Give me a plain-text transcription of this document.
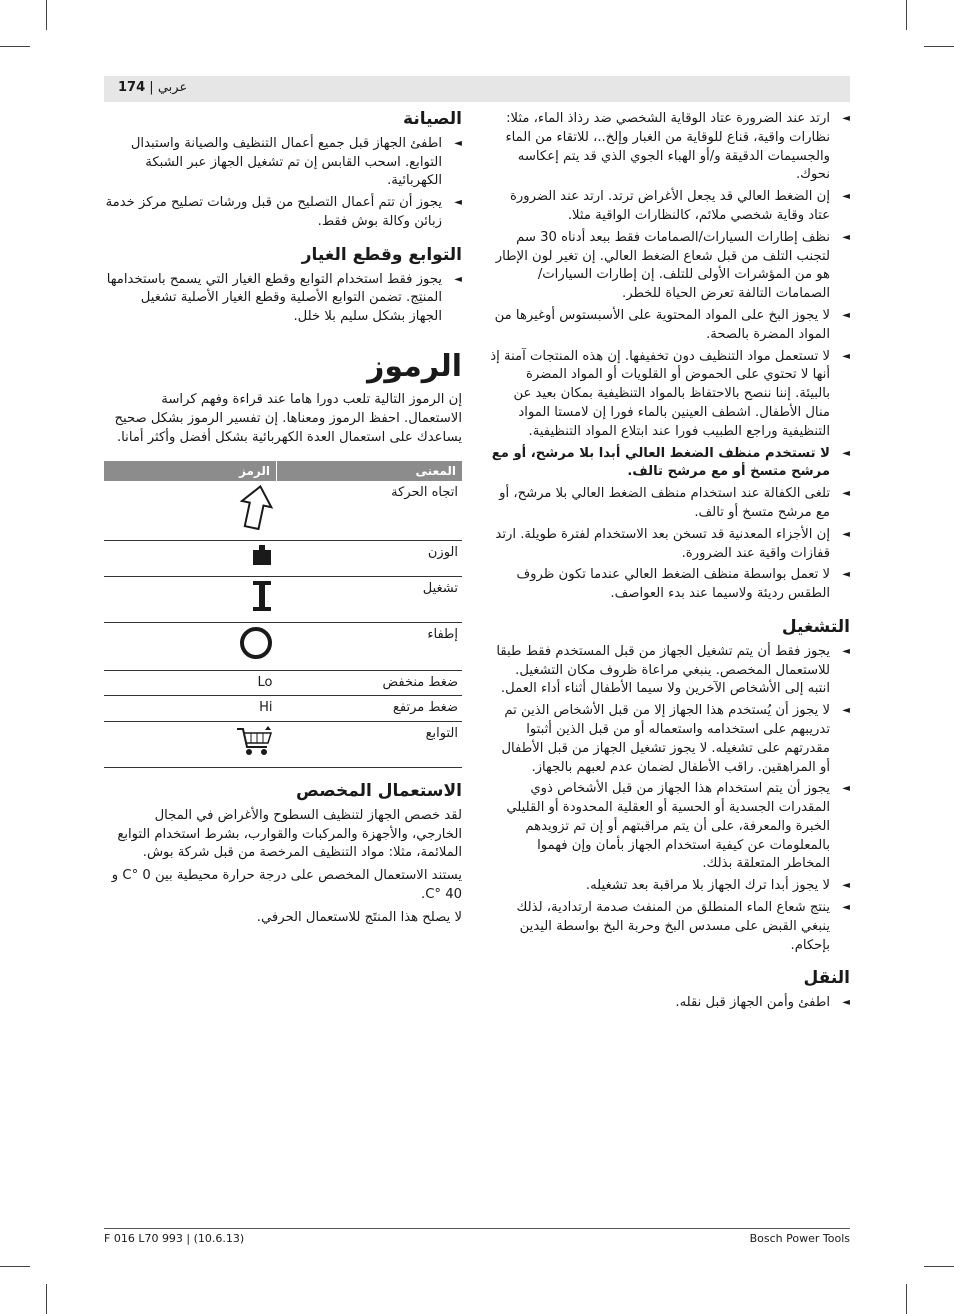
174 | عربي
◄
ارتد عند الضرورة عتاد الوقاية الشخصي ضد رذاذ الماء، مثلا: نظارات واقية، قناع للوقاية من الغبار وإلخ..، للاتقاء من الماء والجسيمات الدقيقة و/أو الهباء الجوي الذي قد يتم إعكاسه نحوك.
◄
إن الضغط العالي قد يجعل الأغراض ترتد. ارتد عند الضرورة عتاد وقاية شخصي ملائم، كالنظارات الواقية مثلا.
◄
نظف إطارات السيارات/الصمامات فقط ببعد أدناه 30 سم لتجنب التلف من قبل شعاع الضغط العالي. إن تغير لون الإطار هو من المؤشرات الأولى للتلف. إن إطارات السيارات/الصمامات التالفة تعرض الحياة للخطر.
◄
لا يجوز البخ على المواد المحتوية على الأسبستوس أوغيرها من المواد المضرة بالصحة.
◄
لا تستعمل مواد التنظيف دون تخفيفها. إن هذه المنتجات آمنة إذ أنها لا تحتوي على الحموض أو القلويات أو المواد المضرة بالبيئة. إننا ننصح بالاحتفاظ بالمواد التنظيفية بمكان بعيد عن منال الأطفال. اشطف العينين بالماء فورا إن لامستا المواد التنظيفية وراجع الطبيب فورا عند ابتلاع المواد التنظيفية.
◄
لا تستخدم منظف الضغط العالي أبدا بلا مرشح، أو مع مرشح متسخ أو مع مرشح تالف.
◄
تلغى الكفالة عند استخدام منظف الضغط العالي بلا مرشح، أو مع مرشح متسخ أو تالف.
◄
إن الأجزاء المعدنية قد تسخن بعد الاستخدام لفترة طويلة. ارتد قفازات واقية عند الضرورة.
◄
لا تعمل بواسطة منظف الضغط العالي عندما تكون ظروف الطقس رديئة ولاسيما عند بدء العواصف.
التشغيل
◄
يجوز فقط أن يتم تشغيل الجهاز من قبل المستخدم فقط طبقا للاستعمال المخصص. ينبغي مراعاة ظروف مكان التشغيل. انتبه إلى الأشخاص الآخرين ولا سيما الأطفال أثناء أداء العمل.
◄
لا يجوز أن يُستخدم هذا الجهاز إلا من قبل الأشخاص الذين تم تدريبهم على استخدامه واستعماله أو من قبل الذين أثبتوا مقدرتهم على تشغيله. لا يجوز تشغيل الجهاز من قبل الأطفال أو المراهقين. راقب الأطفال لضمان عدم لعبهم بالجهاز.
◄
يجوز أن يتم استخدام هذا الجهاز من قبل الأشخاص ذوي المقدرات الجسدية أو الحسية أو العقلية المحدودة أو القليلي الخبرة والمعرفة، على أن يتم مراقبتهم أو إن تم تزويدهم بالمعلومات عن كيفية استخدام الجهاز بأمان وإن فهموا المخاطر المتعلقة بذلك.
◄
لا يجوز أبدا ترك الجهاز بلا مراقبة بعد تشغيله.
◄
ينتج شعاع الماء المنطلق من المنفث صدمة ارتدادية، لذلك ينبغي القبض على مسدس البخ وحربة البخ بواسطة اليدين بإحكام.
النقل
◄
اطفئ وأمن الجهاز قبل نقله.
الصيانة
◄
اطفئ الجهاز قبل جميع أعمال التنظيف والصيانة واستبدال التوابع. اسحب القابس إن تم تشغيل الجهاز عبر الشبكة الكهربائية.
◄
يجوز أن تتم أعمال التصليح من قبل ورشات تصليح مركز خدمة زبائن وكالة بوش فقط.
التوابع وقطع الغيار
◄
يجوز فقط استخدام التوابع وقطع الغيار التي يسمح باستخدامها المنتِج. تضمن التوابع الأصلية وقطع الغيار الأصلية تشغيل الجهاز بشكل سليم بلا خلل.
الرموز
إن الرموز التالية تلعب دورا هاما عند قراءة وفهم كراسة الاستعمال. احفظ الرموز ومعناها. إن تفسير الرموز بشكل صحيح يساعدك على استعمال العدة الكهربائية بشكل أفضل وأكثر أمانا.
الرمز	المعنى
	اتجاه الحركة
	الوزن
	تشغيل
	إطفاء
Lo	ضغط منخفض
Hi	ضغط مرتفع
	التوابع
الاستعمال المخصص
لقد خصص الجهاز لتنظيف السطوح والأغراض في المجال الخارجي، والأجهزة والمركبات والقوارب، بشرط استخدام التوابع الملائمة، مثلا: مواد التنظيف المرخصة من قبل شركة بوش.
يستند الاستعمال المخصص على درجة حرارة محيطية بين 0 °C و 40 °C.
لا يصلح هذا المنتَج للاستعمال الحرفي.
F 016 L70 993 | (10.6.13)	Bosch Power Tools
